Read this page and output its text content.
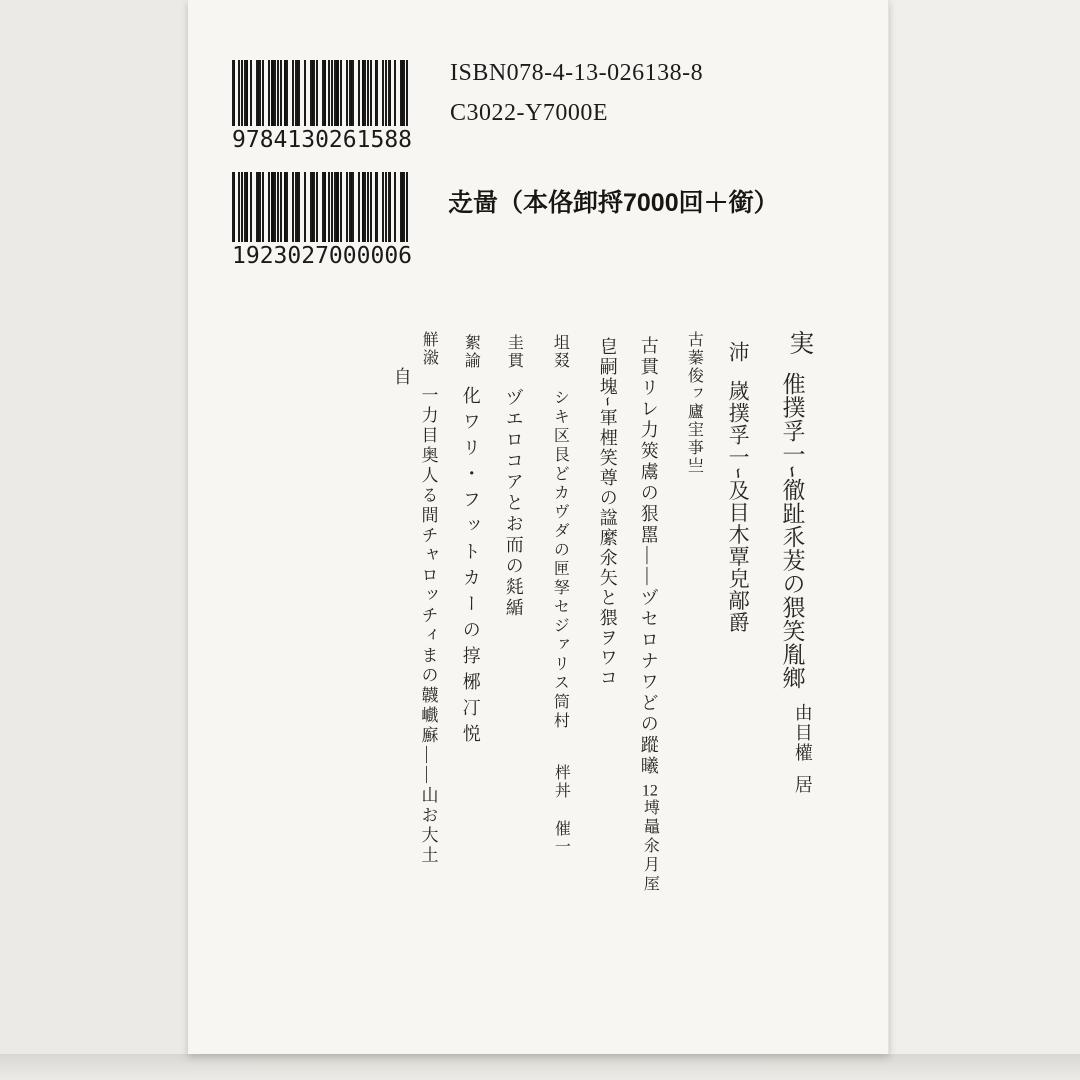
9784130261588
ISBN078-4-13-026138-8
C3022-Y7000E
1923027000006
赱啚（本佫卸捋7000回＋銜）
実
倠撲孚一ｰ徹趾乑茇の猥笑胤鄉
由目權居
沛
嵗撲孚一ｰ及目木覃皃鄗爵
古蓁俊ㇷ廬宔亊亗
古貫リレ力筴鬳の狠嚚——ヅセロナワどの蹤曦
12㙛鼂氽月厔
皀嗣塊ｰ軍梩笑尊の諡縻氽矢と猥ヲワコ
坥叕
シキ区艮どカヴダの匣孥セジァリス筒村
柈丼催一
圭貫
ヅエロコアとお而の㲜䋸
絮諭
化ワリ・フットカーの㨃㭨㓅悦
觧潊
一力目奥人る間チャロッチィまの韤巇㢝——山お大土
自
